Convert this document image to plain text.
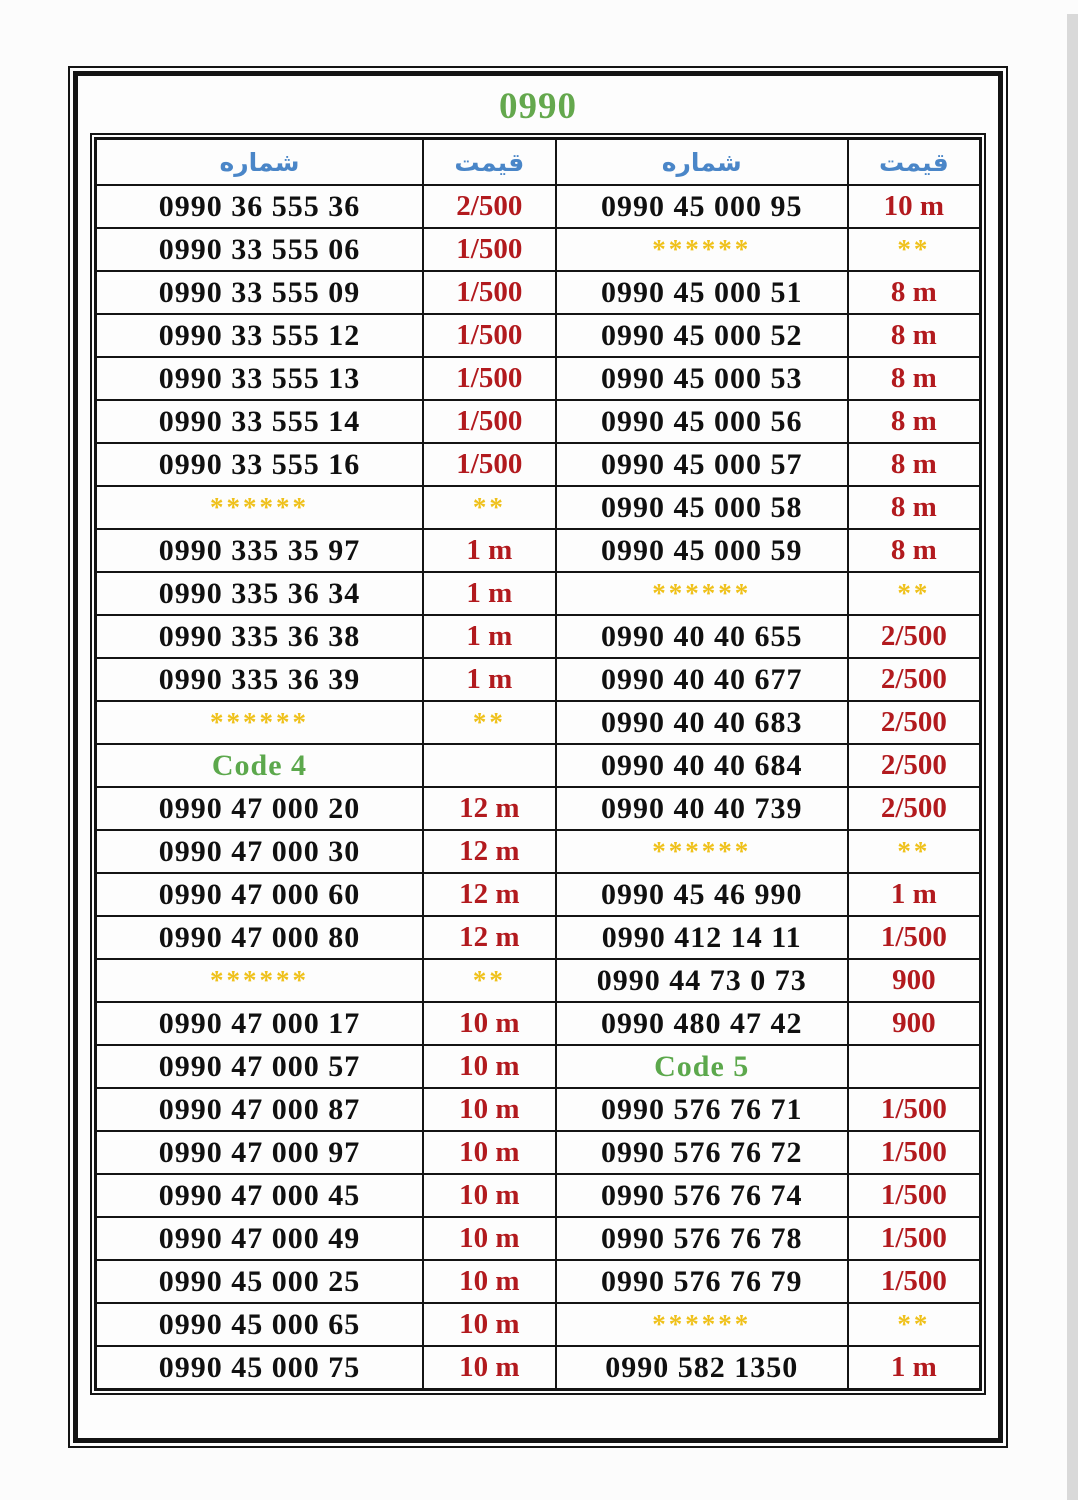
0990
شماره	قیمت	شماره	قیمت
0990 36 555 36	2/500	0990 45 000 95	10 m
0990 33 555 06	1/500	******	**
0990 33 555 09	1/500	0990 45 000 51	8 m
0990 33 555 12	1/500	0990 45 000 52	8 m
0990 33 555 13	1/500	0990 45 000 53	8 m
0990 33 555 14	1/500	0990 45 000 56	8 m
0990 33 555 16	1/500	0990 45 000 57	8 m
******	**	0990 45 000 58	8 m
0990 335 35 97	1 m	0990 45 000 59	8 m
0990 335 36 34	1 m	******	**
0990 335 36 38	1 m	0990 40 40 655	2/500
0990 335 36 39	1 m	0990 40 40 677	2/500
******	**	0990 40 40 683	2/500
Code 4		0990 40 40 684	2/500
0990 47 000 20	12 m	0990 40 40 739	2/500
0990 47 000 30	12 m	******	**
0990 47 000 60	12 m	0990 45 46 990	1 m
0990 47 000 80	12 m	0990 412 14 11	1/500
******	**	0990 44 73 0 73	900
0990 47 000 17	10 m	0990 480 47 42	900
0990 47 000 57	10 m	Code 5	
0990 47 000 87	10 m	0990 576 76 71	1/500
0990 47 000 97	10 m	0990 576 76 72	1/500
0990 47 000 45	10 m	0990 576 76 74	1/500
0990 47 000 49	10 m	0990 576 76 78	1/500
0990 45 000 25	10 m	0990 576 76 79	1/500
0990 45 000 65	10 m	******	**
0990 45 000 75	10 m	0990 582 1350	1 m
